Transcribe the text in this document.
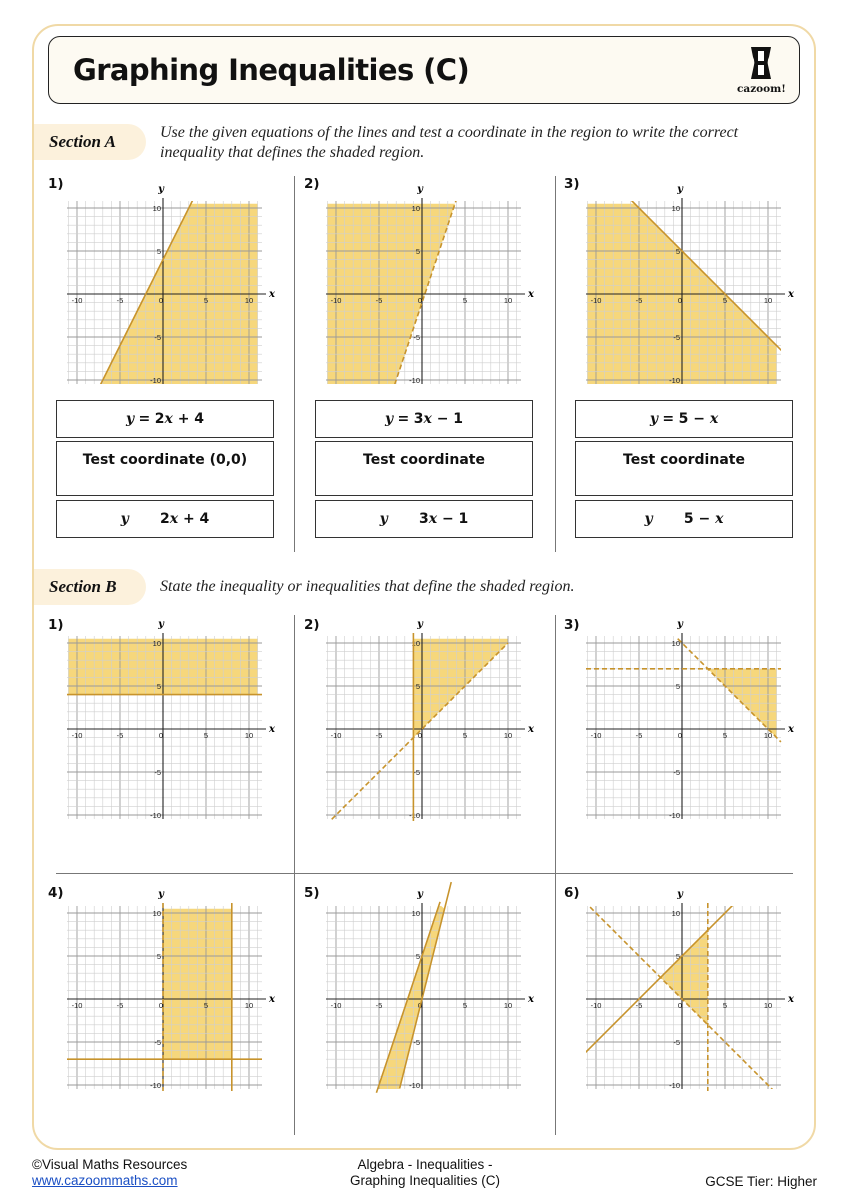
Graphing Inequalities (C)
cazoom!
Section A	Use the given equations of the lines and test a coordinate in the region to write the correct inequality that defines the shaded region.
1)	2)	3)
-10	-5	0	5	10
10
5
-5
-10
x
y
-10	-5	0	5	10
10
5
-5
-10
x
y
-10	-5	0	5	10
10
5
-5
-10
x
y
y = 2x + 4
Test coordinate (0,0)
y 2x + 4
y = 3x − 1
Test coordinate
y 3x − 1
y = 5 − x
Test coordinate
y 5 − x
Section B	State the inequality or inequalities that define the shaded region.
1)	2)	3)
4)	5)	6)
-10	-5	0	5	10
10
5
-5
-10
x
y
-10	-5	0	5	10
10
5
-5
-10
x
y
-10	-5	0	5	10
10
5
-5
-10
x
y
-10	-5	0	5	10
10
5
-5
-10
x
y
-10	-5	0	5	10
10
5
-5
-10
x
y
-10	-5	0	5	10
10
5
-5
-10
x
y
©Visual Maths Resources
www.cazoommaths.com
Algebra - Inequalities -
Graphing Inequalities (C)	GCSE Tier: Higher
